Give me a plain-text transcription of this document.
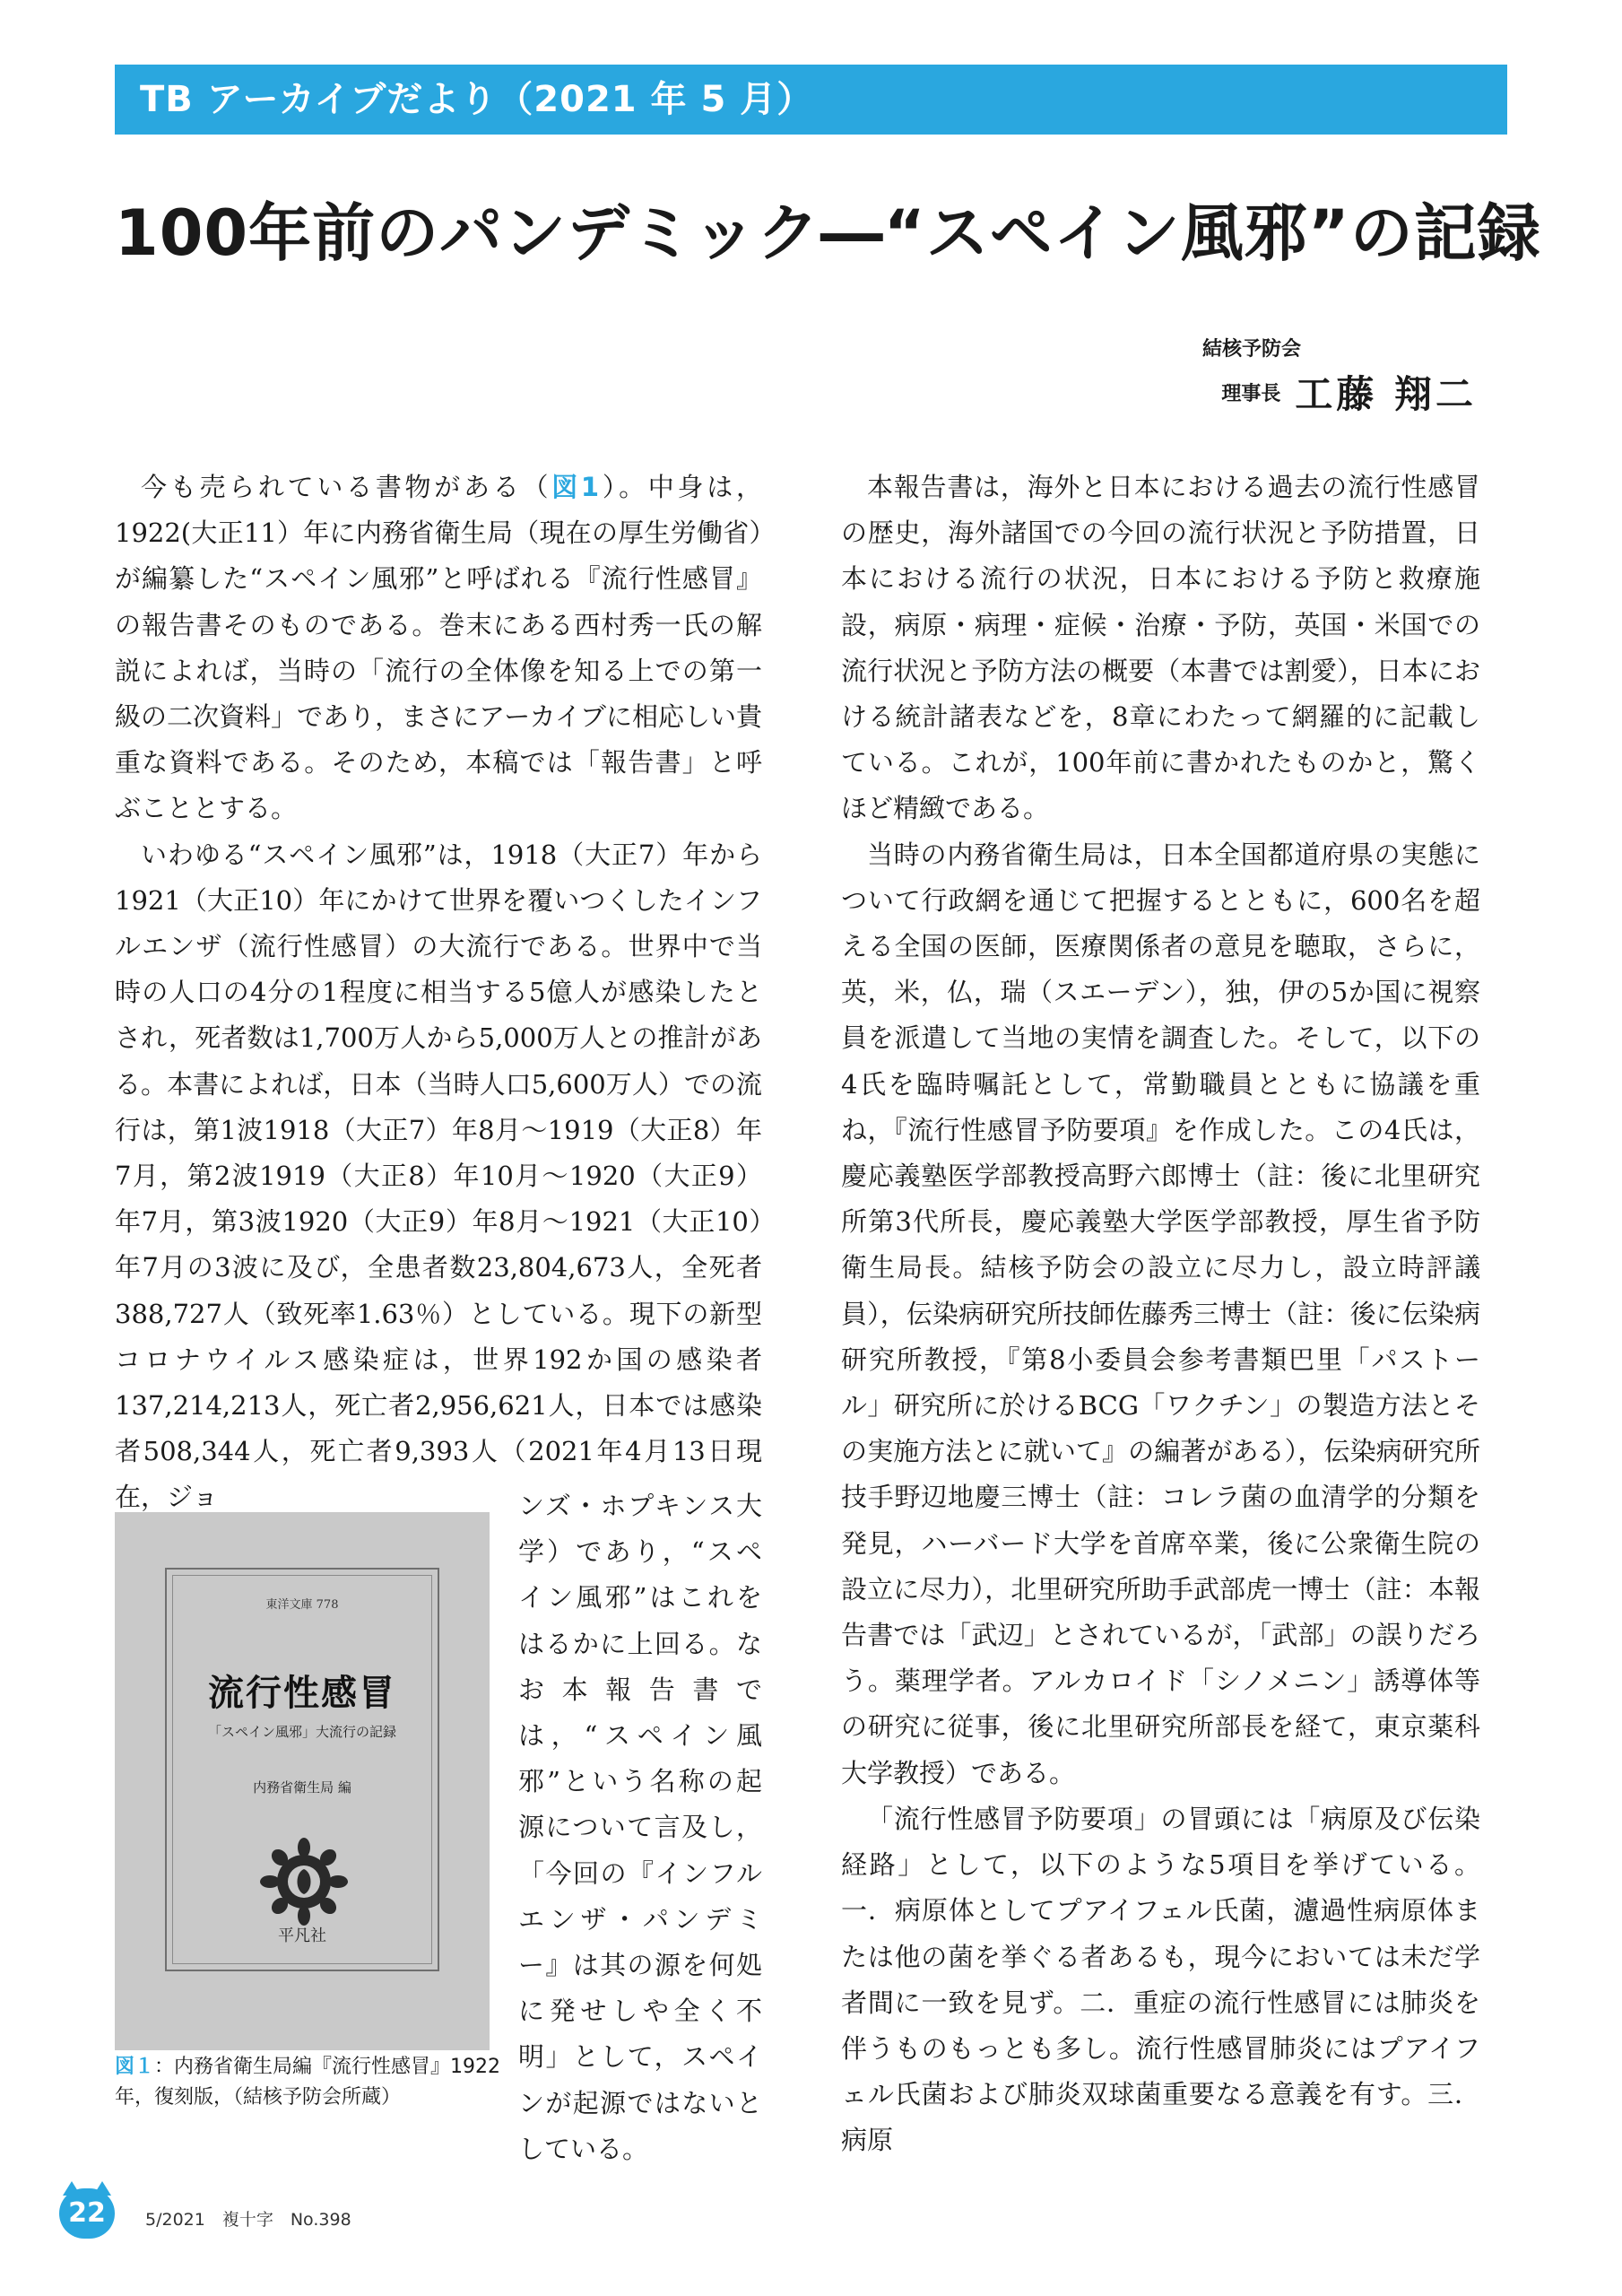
TB アーカイブだより（2021 年 5 月）
100年前のパンデミック―“スペイン風邪”の記録
結核予防会
理事長 工藤 翔二

今も売られている書物がある（図1）。中身は，1922(大正11）年に内務省衛生局（現在の厚生労働省）が編纂した“スペイン風邪”と呼ばれる『流行性感冒』の報告書そのものである。巻末にある西村秀一氏の解説によれば，当時の「流行の全体像を知る上での第一級の二次資料」であり，まさにアーカイブに相応しい貴重な資料である。そのため，本稿では「報告書」と呼ぶこととする。

いわゆる“スペイン風邪”は，1918（大正7）年から1921（大正10）年にかけて世界を覆いつくしたインフルエンザ（流行性感冒）の大流行である。世界中で当時の人口の4分の1程度に相当する5億人が感染したとされ，死者数は1,700万人から5,000万人との推計がある。本書によれば，日本（当時人口5,600万人）での流行は，第1波1918（大正7）年8月～1919（大正8）年7月，第2波1919（大正8）年10月～1920（大正9）年7月，第3波1920（大正9）年8月～1921（大正10）年7月の3波に及び，全患者数23,804,673人，全死者388,727人（致死率1.63％）としている。現下の新型コロナウイルス感染症は，世界192か国の感染者137,214,213人，死亡者2,956,621人，日本では感染者508,344人，死亡者9,393人（2021年4月13日現在，ジョ	ンズ・ホプキンス大学）であり，“スペイン風邪”はこれをはるかに上回る。なお本報告書では，“スペイン風邪”という名称の起源について言及し，「今回の『インフルエンザ・パンデミー』は其の源を何処に発せしや全く不明」として，スペインが起源ではないとしている。

東洋文庫 778
流行性感冒
「スペイン風邪」大流行の記録
内務省衛生局 編
平凡社
図１：内務省衛生局編『流行性感冒』1922 年，復刻版，（結核予防会所蔵）

本報告書は，海外と日本における過去の流行性感冒の歴史，海外諸国での今回の流行状況と予防措置，日本における流行の状況，日本における予防と救療施設，病原・病理・症候・治療・予防，英国・米国での流行状況と予防方法の概要（本書では割愛），日本における統計諸表などを，8章にわたって網羅的に記載している。これが，100年前に書かれたものかと，驚くほど精緻である。

当時の内務省衛生局は，日本全国都道府県の実態について行政網を通じて把握するとともに，600名を超える全国の医師，医療関係者の意見を聴取，さらに，英，米，仏，瑞（スエーデン），独，伊の5か国に視察員を派遣して当地の実情を調査した。そして，以下の4氏を臨時嘱託として，常勤職員とともに協議を重ね，『流行性感冒予防要項』を作成した。この4氏は，慶応義塾医学部教授高野六郎博士（註：後に北里研究所第3代所長，慶応義塾大学医学部教授，厚生省予防衛生局長。結核予防会の設立に尽力し，設立時評議員），伝染病研究所技師佐藤秀三博士（註：後に伝染病研究所教授，『第8小委員会参考書類巴里「パストール」研究所に於けるBCG「ワクチン」の製造方法とその実施方法とに就いて』の編著がある），伝染病研究所技手野辺地慶三博士（註：コレラ菌の血清学的分類を発見，ハーバード大学を首席卒業，後に公衆衛生院の設立に尽力），北里研究所助手武部虎一博士（註：本報告書では「武辺」とされているが，「武部」の誤りだろう。薬理学者。アルカロイド「シノメニン」誘導体等の研究に従事，後に北里研究所部長を経て，東京薬科大学教授）である。

「流行性感冒予防要項」の冒頭には「病原及び伝染経路」として，以下のような5項目を挙げている。一．病原体としてプアイフェル氏菌，濾過性病原体または他の菌を挙ぐる者あるも，現今においては未だ学者間に一致を見ず。二．重症の流行性感冒には肺炎を伴うものもっとも多し。流行性感冒肺炎にはプアイフェル氏菌および肺炎双球菌重要なる意義を有す。三．病原

22	5/2021　複十字　No.398
